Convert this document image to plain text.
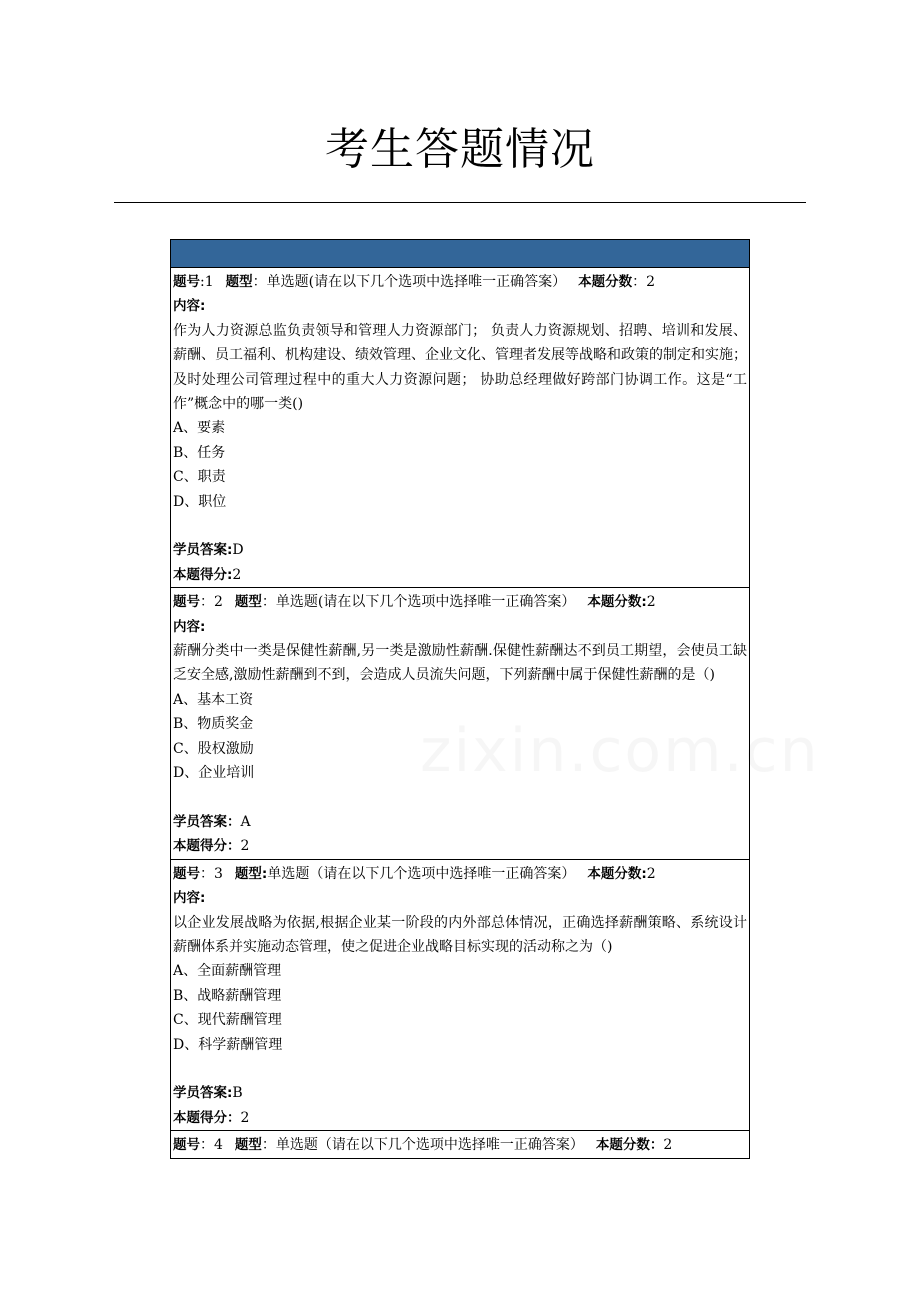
考生答题情况
题号:1 题型：单选题(请在以下几个选项中选择唯一正确答案） 本题分数：2
内容:
作为人力资源总监负责领导和管理人力资源部门； 负责人力资源规划、招聘、培训和发展、薪酬、员工福利、机构建设、绩效管理、企业文化、管理者发展等战略和政策的制定和实施；及时处理公司管理过程中的重大人力资源问题； 协助总经理做好跨部门协调工作。这是“工作”概念中的哪一类()
A、要素
B、任务
C、职责
D、职位
学员答案:D
本题得分:2
题号：2 题型：单选题(请在以下几个选项中选择唯一正确答案） 本题分数:2
内容:
薪酬分类中一类是保健性薪酬,另一类是激励性薪酬.保健性薪酬达不到员工期望，会使员工缺乏安全感,激励性薪酬到不到，会造成人员流失问题，下列薪酬中属于保健性薪酬的是（)
A、基本工资
B、物质奖金
C、股权激励
D、企业培训
学员答案：A
本题得分：2
题号：3 题型:单选题（请在以下几个选项中选择唯一正确答案） 本题分数:2
内容:
以企业发展战略为依据,根据企业某一阶段的内外部总体情况，正确选择薪酬策略、系统设计薪酬体系并实施动态管理，使之促进企业战略目标实现的活动称之为（)
A、全面薪酬管理
B、战略薪酬管理
C、现代薪酬管理
D、科学薪酬管理
学员答案:B
本题得分：2
题号：4 题型：单选题（请在以下几个选项中选择唯一正确答案） 本题分数：2
